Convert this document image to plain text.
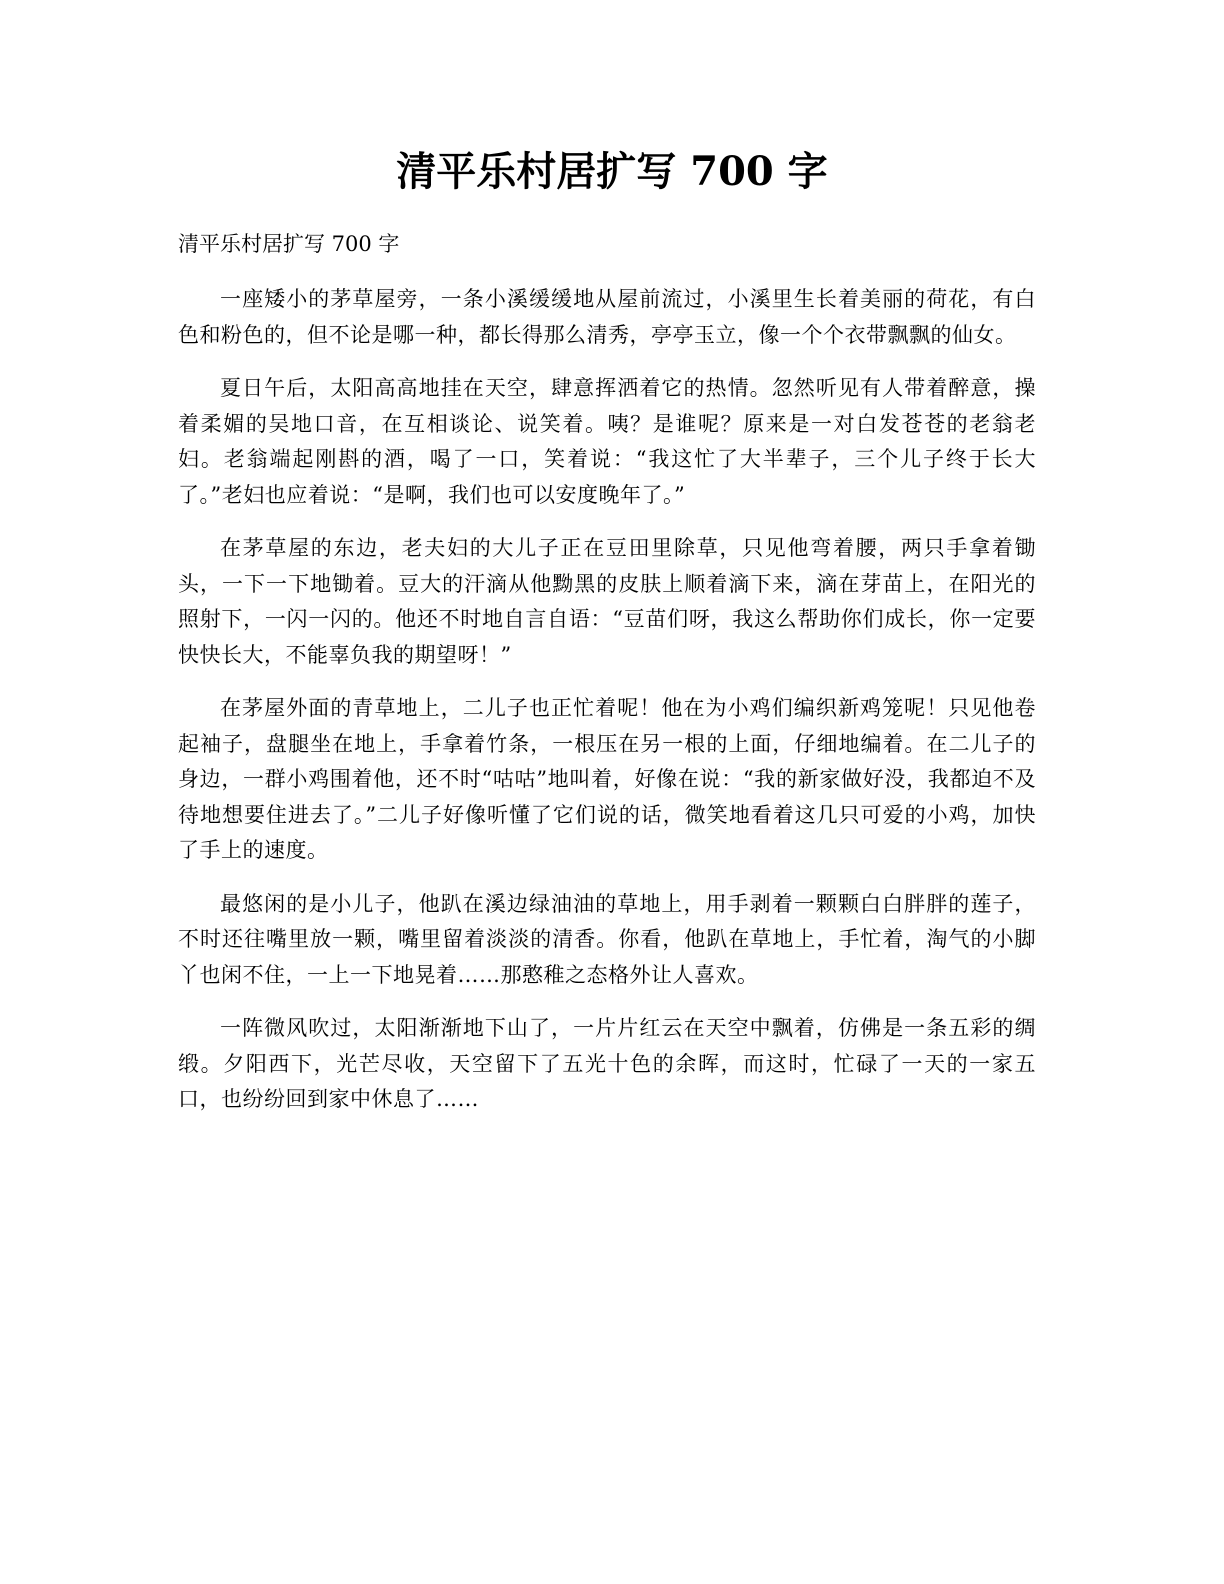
清平乐村居扩写 700 字

清平乐村居扩写 700 字

一座矮小的茅草屋旁，一条小溪缓缓地从屋前流过，小溪里生长着美丽的荷花，有白色和粉色的，但不论是哪一种，都长得那么清秀，亭亭玉立，像一个个衣带飘飘的仙女。

夏日午后，太阳高高地挂在天空，肆意挥洒着它的热情。忽然听见有人带着醉意，操着柔媚的吴地口音，在互相谈论、说笑着。咦？是谁呢？原来是一对白发苍苍的老翁老妇。老翁端起刚斟的酒，喝了一口，笑着说：“我这忙了大半辈子，三个儿子终于长大了。”老妇也应着说：“是啊，我们也可以安度晚年了。”

在茅草屋的东边，老夫妇的大儿子正在豆田里除草，只见他弯着腰，两只手拿着锄头，一下一下地锄着。豆大的汗滴从他黝黑的皮肤上顺着滴下来，滴在芽苗上，在阳光的照射下，一闪一闪的。他还不时地自言自语：“豆苗们呀，我这么帮助你们成长，你一定要快快长大，不能辜负我的期望呀！”

在茅屋外面的青草地上，二儿子也正忙着呢！他在为小鸡们编织新鸡笼呢！只见他卷起袖子，盘腿坐在地上，手拿着竹条，一根压在另一根的上面，仔细地编着。在二儿子的身边，一群小鸡围着他，还不时“咕咕”地叫着，好像在说：“我的新家做好没，我都迫不及待地想要住进去了。”二儿子好像听懂了它们说的话，微笑地看着这几只可爱的小鸡，加快了手上的速度。

最悠闲的是小儿子，他趴在溪边绿油油的草地上，用手剥着一颗颗白白胖胖的莲子，不时还往嘴里放一颗，嘴里留着淡淡的清香。你看，他趴在草地上，手忙着，淘气的小脚丫也闲不住，一上一下地晃着……那憨稚之态格外让人喜欢。

一阵微风吹过，太阳渐渐地下山了，一片片红云在天空中飘着，仿佛是一条五彩的绸缎。夕阳西下，光芒尽收，天空留下了五光十色的余晖，而这时，忙碌了一天的一家五口，也纷纷回到家中休息了……
